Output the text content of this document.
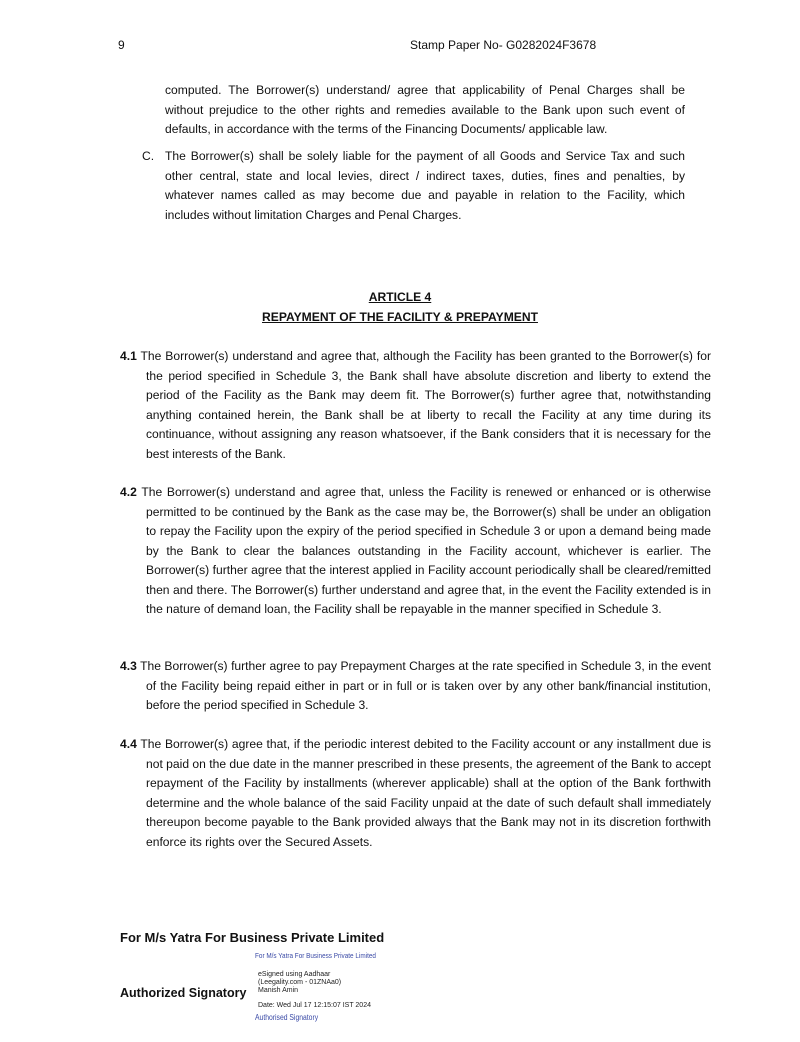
9	Stamp Paper No- G0282024F3678
computed. The Borrower(s) understand/ agree that applicability of Penal Charges shall be without prejudice to the other rights and remedies available to the Bank upon such event of defaults, in accordance with the terms of the Financing Documents/ applicable law.
C. The Borrower(s) shall be solely liable for the payment of all Goods and Service Tax and such other central, state and local levies, direct / indirect taxes, duties, fines and penalties, by whatever names called as may become due and payable in relation to the Facility, which includes without limitation Charges and Penal Charges.
ARTICLE 4
REPAYMENT OF THE FACILITY & PREPAYMENT
4.1 The Borrower(s) understand and agree that, although the Facility has been granted to the Borrower(s) for the period specified in Schedule 3, the Bank shall have absolute discretion and liberty to extend the period of the Facility as the Bank may deem fit. The Borrower(s) further agree that, notwithstanding anything contained herein, the Bank shall be at liberty to recall the Facility at any time during its continuance, without assigning any reason whatsoever, if the Bank considers that it is necessary for the best interests of the Bank.
4.2 The Borrower(s) understand and agree that, unless the Facility is renewed or enhanced or is otherwise permitted to be continued by the Bank as the case may be, the Borrower(s) shall be under an obligation to repay the Facility upon the expiry of the period specified in Schedule 3 or upon a demand being made by the Bank to clear the balances outstanding in the Facility account, whichever is earlier. The Borrower(s) further agree that the interest applied in Facility account periodically shall be cleared/remitted then and there. The Borrower(s) further understand and agree that, in the event the Facility extended is in the nature of demand loan, the Facility shall be repayable in the manner specified in Schedule 3.
4.3 The Borrower(s) further agree to pay Prepayment Charges at the rate specified in Schedule 3, in the event of the Facility being repaid either in part or in full or is taken over by any other bank/financial institution, before the period specified in Schedule 3.
4.4 The Borrower(s) agree that, if the periodic interest debited to the Facility account or any installment due is not paid on the due date in the manner prescribed in these presents, the agreement of the Bank to accept repayment of the Facility by installments (wherever applicable) shall at the option of the Bank forthwith determine and the whole balance of the said Facility unpaid at the date of such default shall immediately thereupon become payable to the Bank provided always that the Bank may not in its discretion forthwith enforce its rights over the Secured Assets.
For M/s Yatra For Business Private Limited
For M/s Yatra For Business Private Limited
Authorized Signatory
eSigned using Aadhaar
(Leegality.com - 01ZNAa0)
Manish Amin
Date: Wed Jul 17 12:15:07 IST 2024
Authorised Signatory
